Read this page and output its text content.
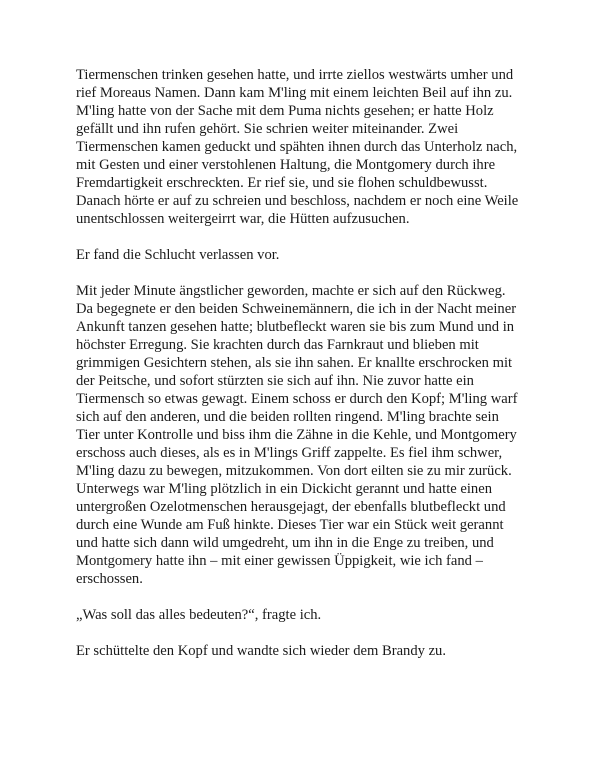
Tiermenschen trinken gesehen hatte, und irrte ziellos westwärts umher und
rief Moreaus Namen. Dann kam M'ling mit einem leichten Beil auf ihn zu.
M'ling hatte von der Sache mit dem Puma nichts gesehen; er hatte Holz
gefällt und ihn rufen gehört. Sie schrien weiter miteinander. Zwei
Tiermenschen kamen geduckt und spähten ihnen durch das Unterholz nach,
mit Gesten und einer verstohlenen Haltung, die Montgomery durch ihre
Fremdartigkeit erschreckten. Er rief sie, und sie flohen schuldbewusst.
Danach hörte er auf zu schreien und beschloss, nachdem er noch eine Weile
unentschlossen weitergeirrt war, die Hütten aufzusuchen.

Er fand die Schlucht verlassen vor.

Mit jeder Minute ängstlicher geworden, machte er sich auf den Rückweg.
Da begegnete er den beiden Schweinemännern, die ich in der Nacht meiner
Ankunft tanzen gesehen hatte; blutbefleckt waren sie bis zum Mund und in
höchster Erregung. Sie krachten durch das Farnkraut und blieben mit
grimmigen Gesichtern stehen, als sie ihn sahen. Er knallte erschrocken mit
der Peitsche, und sofort stürzten sie sich auf ihn. Nie zuvor hatte ein
Tiermensch so etwas gewagt. Einem schoss er durch den Kopf; M'ling warf
sich auf den anderen, und die beiden rollten ringend. M'ling brachte sein
Tier unter Kontrolle und biss ihm die Zähne in die Kehle, und Montgomery
erschoss auch dieses, als es in M'lings Griff zappelte. Es fiel ihm schwer,
M'ling dazu zu bewegen, mitzukommen. Von dort eilten sie zu mir zurück.
Unterwegs war M'ling plötzlich in ein Dickicht gerannt und hatte einen
untergroßen Ozelotmenschen herausgejagt, der ebenfalls blutbefleckt und
durch eine Wunde am Fuß hinkte. Dieses Tier war ein Stück weit gerannt
und hatte sich dann wild umgedreht, um ihn in die Enge zu treiben, und
Montgomery hatte ihn – mit einer gewissen Üppigkeit, wie ich fand –
erschossen.

„Was soll das alles bedeuten?“, fragte ich.

Er schüttelte den Kopf und wandte sich wieder dem Brandy zu.
